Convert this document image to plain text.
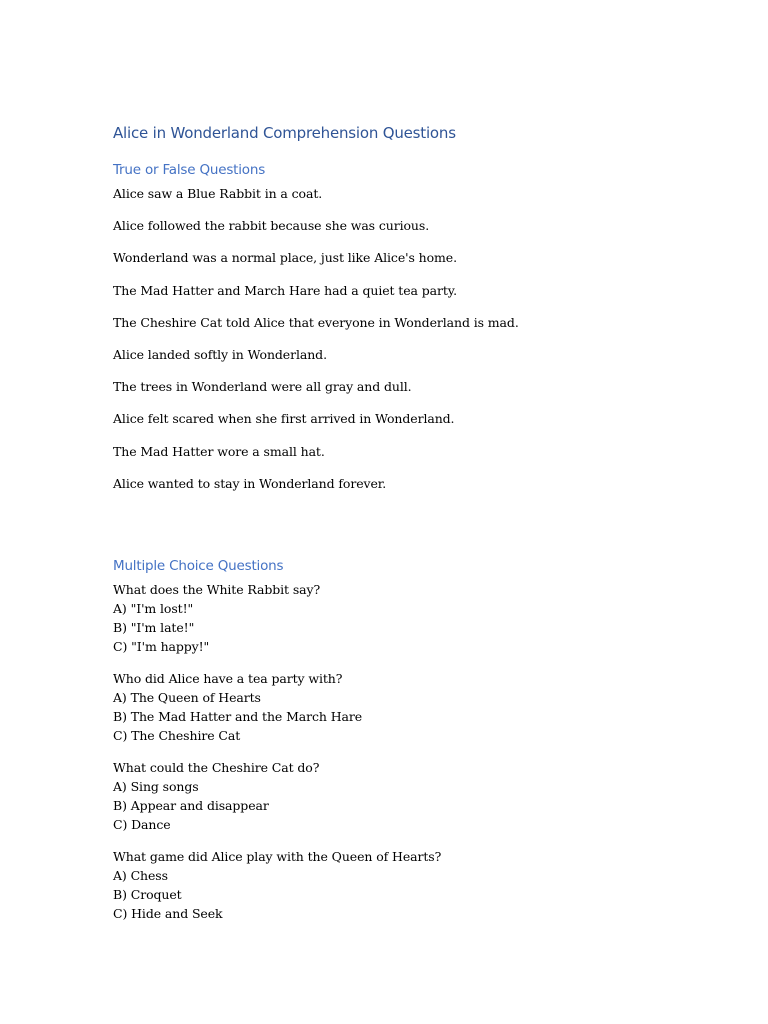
Alice in Wonderland Comprehension Questions
True or False Questions
Alice saw a Blue Rabbit in a coat.
Alice followed the rabbit because she was curious.
Wonderland was a normal place, just like Alice's home.
The Mad Hatter and March Hare had a quiet tea party.
The Cheshire Cat told Alice that everyone in Wonderland is mad.
Alice landed softly in Wonderland.
The trees in Wonderland were all gray and dull.
Alice felt scared when she first arrived in Wonderland.
The Mad Hatter wore a small hat.
Alice wanted to stay in Wonderland forever.
Multiple Choice Questions
What does the White Rabbit say?
A) "I'm lost!"
B) "I'm late!"
C) "I'm happy!"
Who did Alice have a tea party with?
A) The Queen of Hearts
B) The Mad Hatter and the March Hare
C) The Cheshire Cat
What could the Cheshire Cat do?
A) Sing songs
B) Appear and disappear
C) Dance
What game did Alice play with the Queen of Hearts?
A) Chess
B) Croquet
C) Hide and Seek
